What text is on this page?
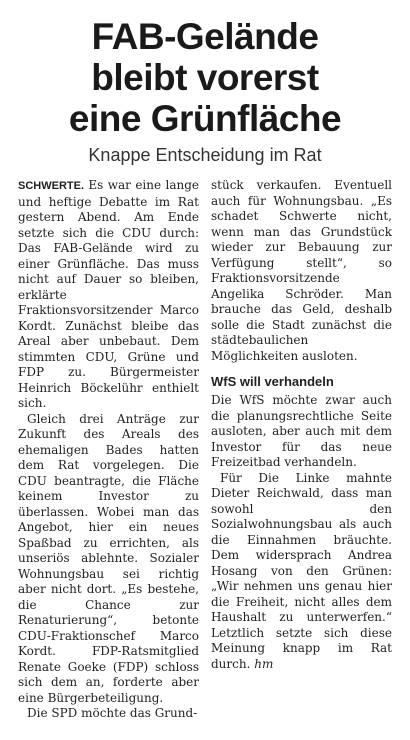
FAB-Gelände
bleibt vorerst
eine Grünfläche
Knappe Entscheidung im Rat

SCHWERTE. Es war eine lange und heftige Debatte im Rat gestern Abend. Am Ende setzte sich die CDU durch: Das FAB-Gelände wird zu einer Grünfläche. Das muss nicht auf Dauer so bleiben, erklärte Fraktionsvorsitzender Marco Kordt. Zunächst bleibe das Areal aber unbebaut. Dem stimmten CDU, Grüne und FDP zu. Bürgermeister Heinrich Böckelühr enthielt sich.

Gleich drei Anträge zur Zukunft des Areals des ehemaligen Bades hatten dem Rat vorgelegen. Die CDU beantragte, die Fläche keinem Investor zu überlassen. Wobei man das Angebot, hier ein neues Spaßbad zu errichten, als unseriös ablehnte. Sozialer Wohnungsbau sei richtig aber nicht dort. „Es bestehe, die Chance zur Renaturierung“, betonte CDU-Fraktionschef Marco Kordt. FDP-Ratsmitglied Renate Goeke (FDP) schloss sich dem an, forderte aber eine Bürgerbeteiligung.

Die SPD möchte das Grund-

stück verkaufen. Eventuell auch für Wohnungsbau. „Es schadet Schwerte nicht, wenn man das Grundstück wieder zur Bebauung zur Verfügung stellt“, so Fraktionsvorsitzende Angelika Schröder. Man brauche das Geld, deshalb solle die Stadt zunächst die städtebaulichen Möglichkeiten ausloten.

WfS will verhandeln

Die WfS möchte zwar auch die planungsrechtliche Seite ausloten, aber auch mit dem Investor für das neue Freizeitbad verhandeln.

Für Die Linke mahnte Dieter Reichwald, dass man sowohl den Sozialwohnungsbau als auch die Einnahmen bräuchte. Dem widersprach Andrea Hosang von den Grünen: „Wir nehmen uns genau hier die Freiheit, nicht alles dem Haushalt zu unterwerfen.“ Letztlich setzte sich diese Meinung knapp im Rat durch. hm
